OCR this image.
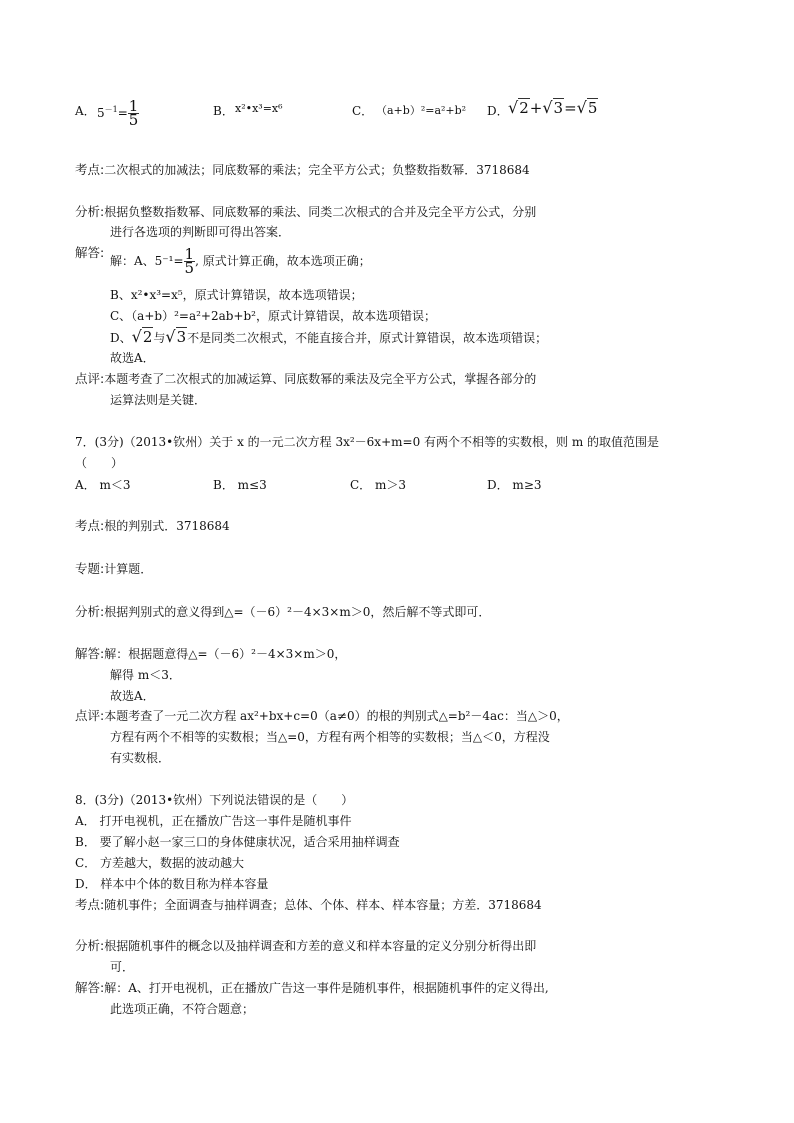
A． $5^{-1}= \frac{1}{5}$	B． x²•x³=x⁶	C． （a+b）²=a²+b² D． √2+√3=√5
考点:二次根式的加减法；同底数幂的乘法；完全平方公式；负整数指数幂．3718684
分析:根据负整数指数幂、同底数幂的乘法、同类二次根式的合并及完全平方公式，分别
进行各选项的判断即可得出答案．
解答:
解：A、$5^{-1}= \frac{1}{5}$ , 原式计算正确，故本选项正确；
B、x²•x³=x⁵，原式计算错误，故本选项错误；
C、（a+b）²=a²+2ab+b²，原式计算错误，故本选项错误；
D、√2与√3不是同类二次根式，不能直接合并，原式计算错误，故本选项错误；
故选A．
点评:本题考查了二次根式的加减运算、同底数幂的乘法及完全平方公式，掌握各部分的
运算法则是关键．
7．(3分)（2013•钦州）关于 x 的一元二次方程 3x²－6x+m=0 有两个不相等的实数根，则 m 的取值范围是
（　　）
A． m＜3	B． m≤3	C． m＞3	D． m≥3
考点:根的判别式．3718684
专题:计算题．
分析:根据判别式的意义得到△=（－6）²－4×3×m＞0，然后解不等式即可．
解答:解：根据题意得△=（－6）²－4×3×m＞0，
解得 m＜3．
故选A．
点评:本题考查了一元二次方程 ax²+bx+c=0（a≠0）的根的判别式△=b²－4ac：当△＞0，
方程有两个不相等的实数根；当△=0，方程有两个相等的实数根；当△＜0，方程没
有实数根．
8．(3分)（2013•钦州）下列说法错误的是（　　）
A． 打开电视机，正在播放广告这一事件是随机事件
B． 要了解小赵一家三口的身体健康状况，适合采用抽样调查
C． 方差越大，数据的波动越大
D． 样本中个体的数目称为样本容量
考点:随机事件；全面调查与抽样调查；总体、个体、样本、样本容量；方差．3718684
分析:根据随机事件的概念以及抽样调查和方差的意义和样本容量的定义分别分析得出即
可．
解答:解：A、打开电视机，正在播放广告这一事件是随机事件，根据随机事件的定义得出,
此选项正确，不符合题意；
